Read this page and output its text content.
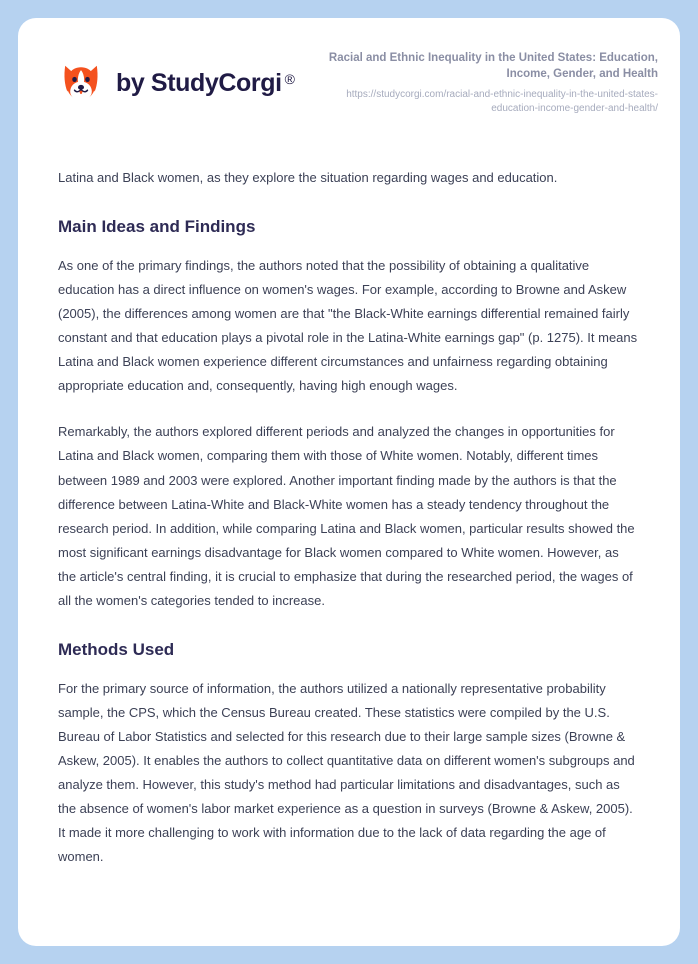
by StudyCorgi ®
Racial and Ethnic Inequality in the United States: Education, Income, Gender, and Health
https://studycorgi.com/racial-and-ethnic-inequality-in-the-united-states-education-income-gender-and-health/

Latina and Black women, as they explore the situation regarding wages and education.

Main Ideas and Findings

As one of the primary findings, the authors noted that the possibility of obtaining a qualitative education has a direct influence on women's wages. For example, according to Browne and Askew (2005), the differences among women are that "the Black-White earnings differential remained fairly constant and that education plays a pivotal role in the Latina-White earnings gap" (p. 1275). It means Latina and Black women experience different circumstances and unfairness regarding obtaining appropriate education and, consequently, having high enough wages.

Remarkably, the authors explored different periods and analyzed the changes in opportunities for Latina and Black women, comparing them with those of White women. Notably, different times between 1989 and 2003 were explored. Another important finding made by the authors is that the difference between Latina-White and Black-White women has a steady tendency throughout the research period. In addition, while comparing Latina and Black women, particular results showed the most significant earnings disadvantage for Black women compared to White women. However, as the article's central finding, it is crucial to emphasize that during the researched period, the wages of all the women's categories tended to increase.

Methods Used

For the primary source of information, the authors utilized a nationally representative probability sample, the CPS, which the Census Bureau created. These statistics were compiled by the U.S. Bureau of Labor Statistics and selected for this research due to their large sample sizes (Browne & Askew, 2005). It enables the authors to collect quantitative data on different women's subgroups and analyze them. However, this study's method had particular limitations and disadvantages, such as the absence of women's labor market experience as a question in surveys (Browne & Askew, 2005). It made it more challenging to work with information due to the lack of data regarding the age of women.
